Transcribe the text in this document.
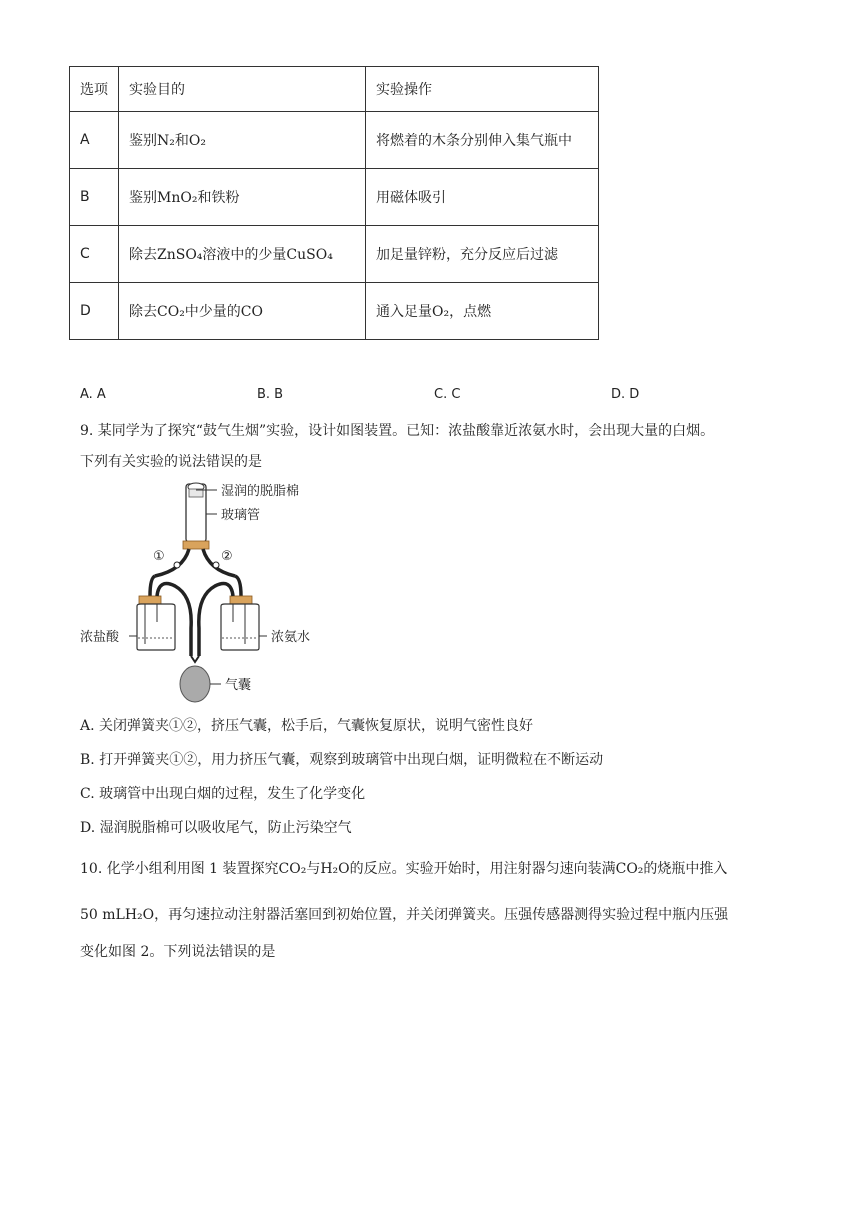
选项	实验目的	实验操作
A	鉴别N₂和O₂	将燃着的木条分别伸入集气瓶中
B	鉴别MnO₂和铁粉	用磁体吸引
C	除去ZnSO₄溶液中的少量CuSO₄	加足量锌粉，充分反应后过滤
D	除去CO₂中少量的CO	通入足量O₂，点燃
A. A	B. B	C. C	D. D
9. 某同学为了探究“鼓气生烟”实验，设计如图装置。已知：浓盐酸靠近浓氨水时，会出现大量的白烟。
下列有关实验的说法错误的是
湿润的脱脂棉
玻璃管
①	②
浓盐酸	浓氨水
气囊
A. 关闭弹簧夹①②，挤压气囊，松手后，气囊恢复原状，说明气密性良好
B. 打开弹簧夹①②，用力挤压气囊，观察到玻璃管中出现白烟，证明微粒在不断运动
C. 玻璃管中出现白烟的过程，发生了化学变化
D. 湿润脱脂棉可以吸收尾气，防止污染空气
10. 化学小组利用图 1 装置探究CO₂与H₂O的反应。实验开始时，用注射器匀速向装满CO₂的烧瓶中推入
50 mLH₂O，再匀速拉动注射器活塞回到初始位置，并关闭弹簧夹。压强传感器测得实验过程中瓶内压强
变化如图 2。下列说法错误的是
